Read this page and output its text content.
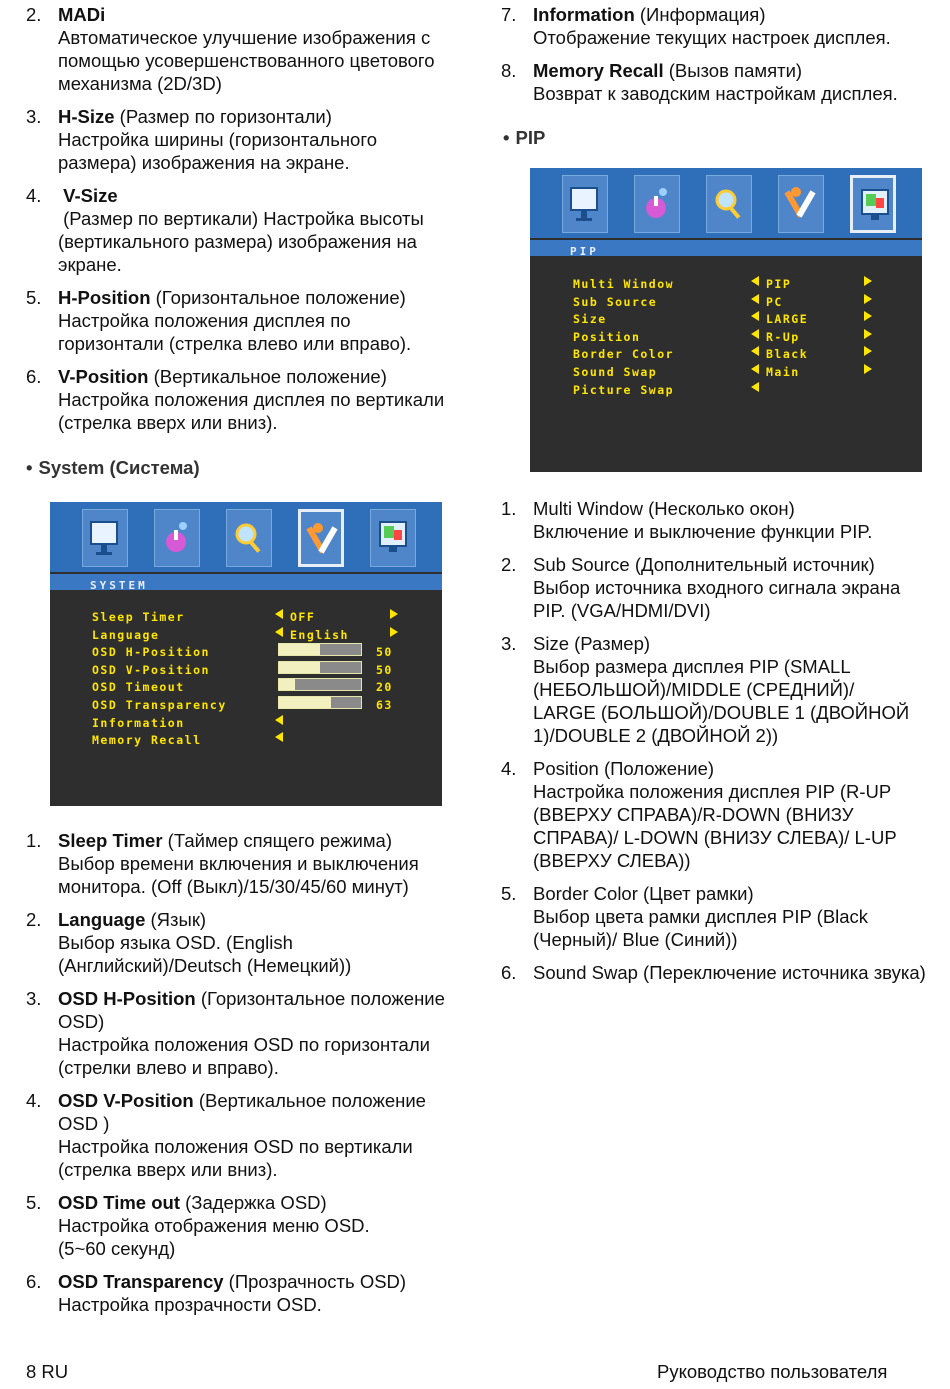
2. MADi
Автоматическое улучшение изображения с
помощью усовершенствованного цветового
механизма (2D/3D)
3. H-Size (Размер по горизонтали)
Настройка ширины (горизонтального
размера) изображения на экране.
4. V-Size
(Размер по вертикали) Настройка высоты
(вертикального размера) изображения на
экране.
5. H-Position (Горизонтальное положение)
Настройка положения дисплея по
горизонтали (стрелка влево или вправо).
6. V-Position (Вертикальное положение)
Настройка положения дисплея по вертикали
(стрелка вверх или вниз).
• System (Система)
SYSTEM
Sleep Timer	OFF
Language	English
OSD H-Position	50
OSD V-Position	50
OSD Timeout	20
OSD Transparency	63
Information
Memory Recall
1. Sleep Timer (Таймер спящего режима)
Выбор времени включения и выключения
монитора. (Off (Выкл)/15/30/45/60 минут)
2. Language (Язык)
Выбор языка OSD. (English
(Английский)/Deutsch (Немецкий))
3. OSD H-Position (Горизонтальное положение
OSD)
Настройка положения OSD по горизонтали
(стрелки влево и вправо).
4. OSD V-Position (Вертикальное положение
OSD )
Настройка положения OSD по вертикали
(стрелка вверх или вниз).
5. OSD Time out (Задержка OSD)
Настройка отображения меню OSD.
(5~60 секунд)
6. OSD Transparency (Прозрачность OSD)
Настройка прозрачности OSD.
8 RU
7. Information (Информация)
Отображение текущих настроек дисплея.
8. Memory Recall (Вызов памяти)
Возврат к заводским настройкам дисплея.
• PIP
PIP
Multi Window	PIP
Sub Source	PC
Size	LARGE
Position	R-Up
Border Color	Black
Sound Swap	Main
Picture Swap
1. Multi Window (Несколько окон)
Включение и выключение функции PIP.
2. Sub Source (Дополнительный источник)
Выбор источника входного сигнала экрана
PIP. (VGA/HDMI/DVI)
3. Size (Размер)
Выбор размера дисплея PIP (SMALL
(НЕБОЛЬШОЙ)/MIDDLE (СРЕДНИЙ)/
LARGE (БОЛЬШОЙ)/DOUBLE 1 (ДВОЙНОЙ
1)/DOUBLE 2 (ДВОЙНОЙ 2))
4. Position (Положение)
Настройка положения дисплея PIP (R-UP
(ВВЕРХУ СПРАВА)/R-DOWN (ВНИЗУ
СПРАВА)/ L-DOWN (ВНИЗУ СЛЕВА)/ L-UP
(ВВЕРХУ СЛЕВА))
5. Border Color (Цвет рамки)
Выбор цвета рамки дисплея PIP (Black
(Черный)/ Blue (Синий))
6. Sound Swap (Переключение источника звука)
Руководство пользователя
